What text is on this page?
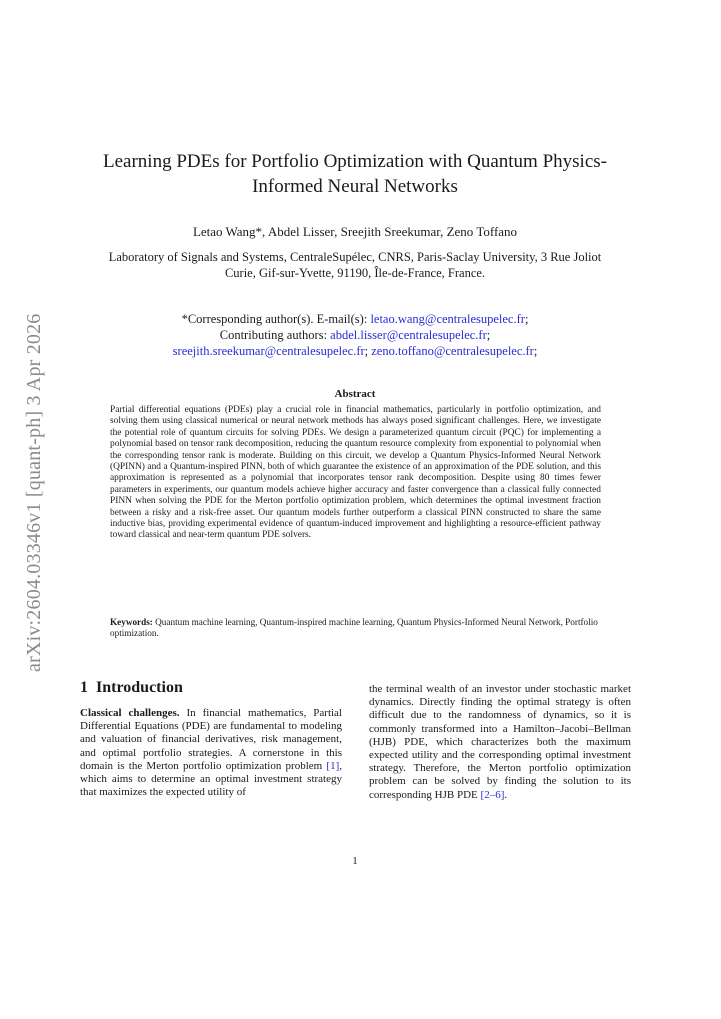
arXiv:2604.03346v1 [quant-ph] 3 Apr 2026
Learning PDEs for Portfolio Optimization with Quantum Physics-Informed Neural Networks
Letao Wang*, Abdel Lisser, Sreejith Sreekumar, Zeno Toffano
Laboratory of Signals and Systems, CentraleSupélec, CNRS, Paris-Saclay University, 3 Rue Joliot Curie, Gif-sur-Yvette, 91190, Île-de-France, France.
*Corresponding author(s). E-mail(s): letao.wang@centralesupelec.fr;
Contributing authors: abdel.lisser@centralesupelec.fr;
sreejith.sreekumar@centralesupelec.fr; zeno.toffano@centralesupelec.fr;
Abstract
Partial differential equations (PDEs) play a crucial role in financial mathematics, particularly in portfolio optimization, and solving them using classical numerical or neural network methods has always posed significant challenges. Here, we investigate the potential role of quantum circuits for solving PDEs. We design a parameterized quantum circuit (PQC) for implementing a polynomial based on tensor rank decomposition, reducing the quantum resource complexity from exponential to polynomial when the corresponding tensor rank is moderate. Building on this circuit, we develop a Quantum Physics-Informed Neural Network (QPINN) and a Quantum-inspired PINN, both of which guarantee the existence of an approximation of the PDE solution, and this approximation is represented as a polynomial that incorporates tensor rank decomposition. Despite using 80 times fewer parameters in experiments, our quantum models achieve higher accuracy and faster convergence than a classical fully connected PINN when solving the PDE for the Merton portfolio optimization problem, which determines the optimal investment fraction between a risky and a risk-free asset. Our quantum models further outperform a classical PINN constructed to share the same inductive bias, providing experimental evidence of quantum-induced improvement and highlighting a resource-efficient pathway toward classical and near-term quantum PDE solvers.
Keywords: Quantum machine learning, Quantum-inspired machine learning, Quantum Physics-Informed Neural Network, Portfolio optimization.
1 Introduction

Classical challenges. In financial mathematics, Partial Differential Equations (PDE) are fundamental to modeling and valuation of financial derivatives, risk management, and optimal portfolio strategies. A cornerstone in this domain is the Merton portfolio optimization problem [1], which aims to determine an optimal investment strategy that maximizes the expected utility of

the terminal wealth of an investor under stochastic market dynamics. Directly finding the optimal strategy is often difficult due to the randomness of dynamics, so it is commonly transformed into a Hamilton–Jacobi–Bellman (HJB) PDE, which characterizes both the maximum expected utility and the corresponding optimal investment strategy. Therefore, the Merton portfolio optimization problem can be solved by finding the solution to its corresponding HJB PDE [2–6].

1
